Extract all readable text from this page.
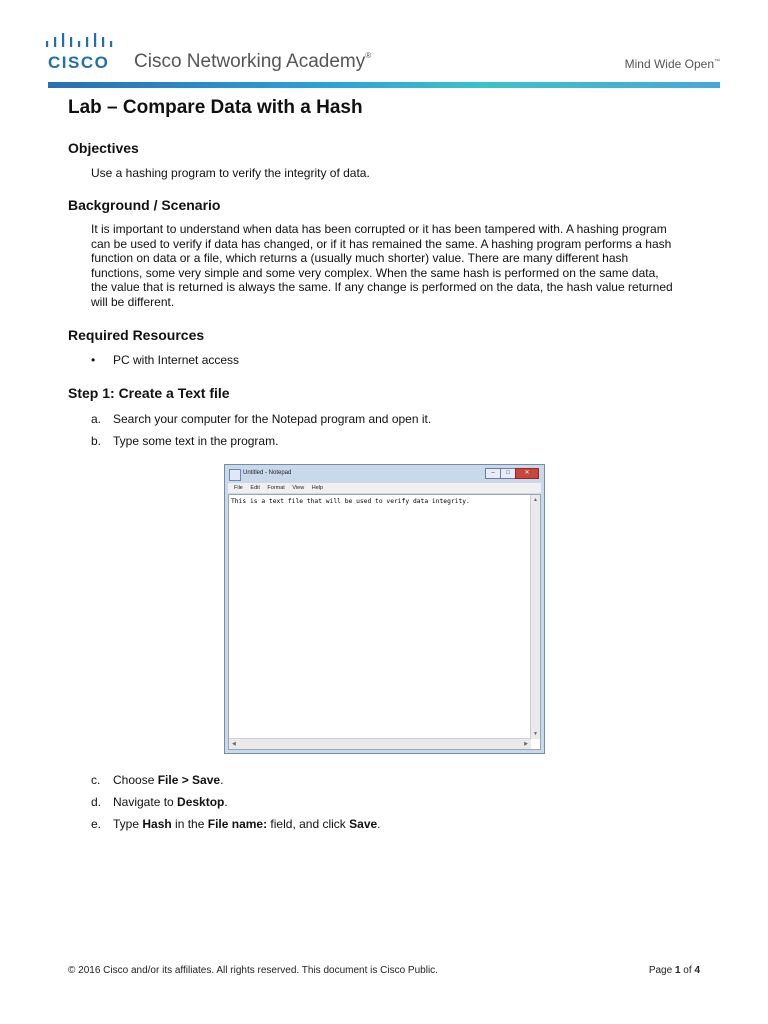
CISCO Cisco Networking Academy®
Mind Wide Open™
Lab – Compare Data with a Hash
Objectives

Use a hashing program to verify the integrity of data.

Background / Scenario
It is important to understand when data has been corrupted or it has been tampered with. A hashing program
can be used to verify if data has changed, or if it has remained the same. A hashing program performs a hash
function on data or a file, which returns a (usually much shorter) value. There are many different hash
functions, some very simple and some very complex. When the same hash is performed on the same data,
the value that is returned is always the same. If any change is performed on the data, the hash value returned
will be different.
Required Resources
• PC with Internet access
Step 1: Create a Text file
a. Search your computer for the Notepad program and open it.
b. Type some text in the program.
Untitled - Notepad	– □ ✕
File Edit Format View Help
This is a text file that will be used to verify data integrity.	▲
▼
◀	▶
c. Choose File > Save.
d. Navigate to Desktop.
e. Type Hash in the File name: field, and click Save.
© 2016 Cisco and/or its affiliates. All rights reserved. This document is Cisco Public.	Page 1 of 4
